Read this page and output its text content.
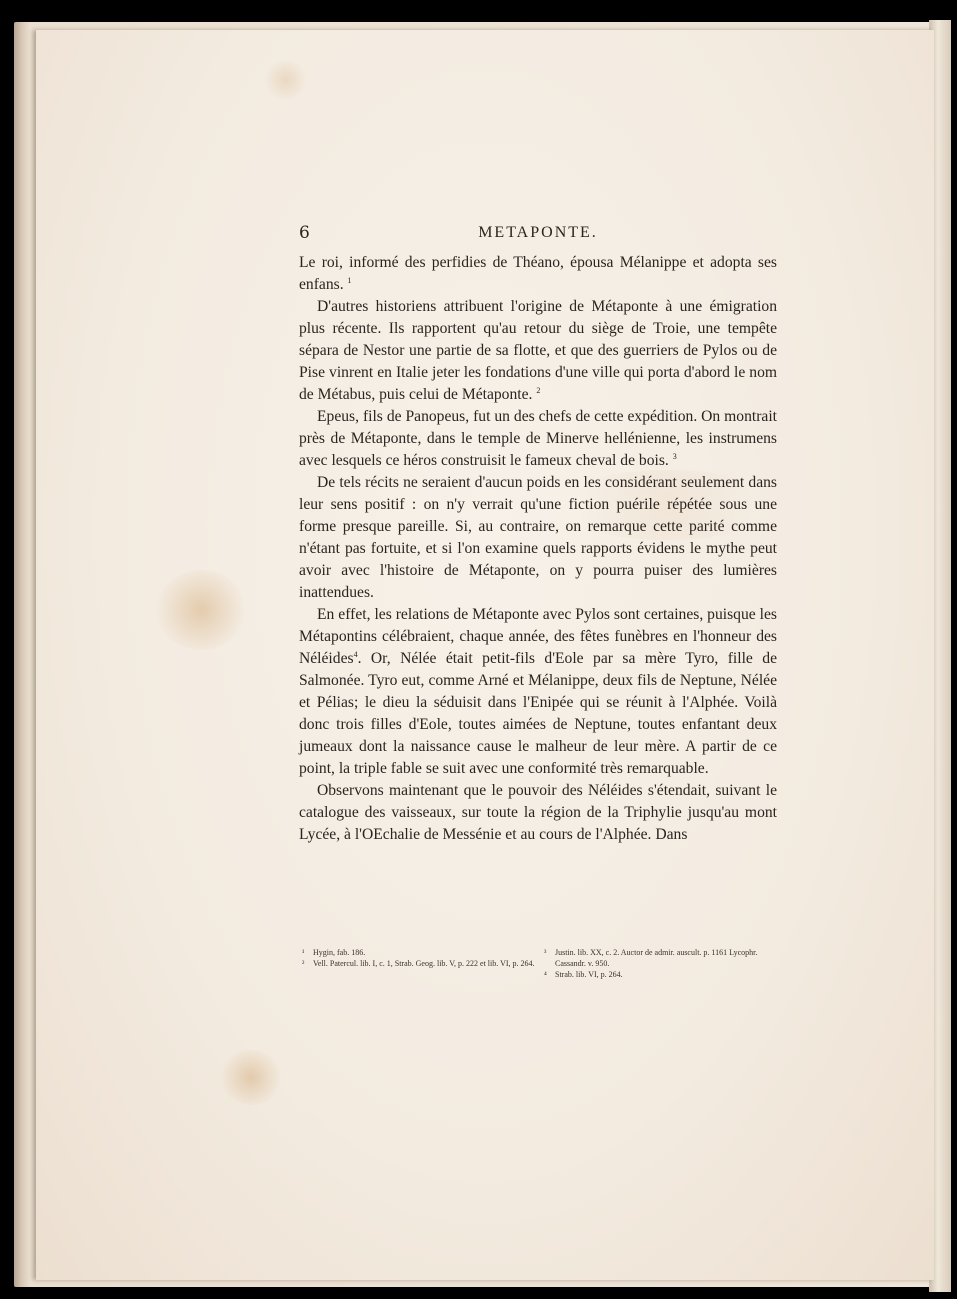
6	METAPONTE.

Le roi, informé des perfidies de Théano, épousa Mélanippe et adopta ses enfans. $^1$

D'autres historiens attribuent l'origine de Métaponte à une émigration plus récente. Ils rapportent qu'au retour du siège de Troie, une tempête sépara de Nestor une partie de sa flotte, et que des guerriers de Pylos ou de Pise vinrent en Italie jeter les fondations d'une ville qui porta d'abord le nom de Métabus, puis celui de Métaponte. $^2$

Epeus, fils de Panopeus, fut un des chefs de cette expédition. On montrait près de Métaponte, dans le temple de Minerve hellénienne, les instrumens avec lesquels ce héros construisit le fameux cheval de bois. $^3$

De tels récits ne seraient d'aucun poids en les considérant seulement dans leur sens positif : on n'y verrait qu'une fiction puérile répétée sous une forme presque pareille. Si, au contraire, on remarque cette parité comme n'étant pas fortuite, et si l'on examine quels rapports évidens le mythe peut avoir avec l'histoire de Métaponte, on y pourra puiser des lumières inattendues.

En effet, les relations de Métaponte avec Pylos sont certaines, puisque les Métapontins célébraient, chaque année, des fêtes funèbres en l'honneur des Néléides$^4$. Or, Nélée était petit-fils d'Eole par sa mère Tyro, fille de Salmonée. Tyro eut, comme Arné et Mélanippe, deux fils de Neptune, Nélée et Pélias; le dieu la séduisit dans l'Enipée qui se réunit à l'Alphée. Voilà donc trois filles d'Eole, toutes aimées de Neptune, toutes enfantant deux jumeaux dont la naissance cause le malheur de leur mère. A partir de ce point, la triple fable se suit avec une conformité très remarquable.

Observons maintenant que le pouvoir des Néléides s'étendait, suivant le catalogue des vaisseaux, sur toute la région de la Triphylie jusqu'au mont Lycée, à l'OEchalie de Messénie et au cours de l'Alphée. Dans

¹ Hygin, fab. 186.

² Vell. Patercul. lib. I, c. 1, Strab. Geog. lib. V, p. 222 et lib. VI, p. 264.

³ Justin. lib. XX, c. 2. Auctor de admir. auscult. p. 1161 Lycophr. Cassandr. v. 950.

⁴ Strab. lib. VI, p. 264.
